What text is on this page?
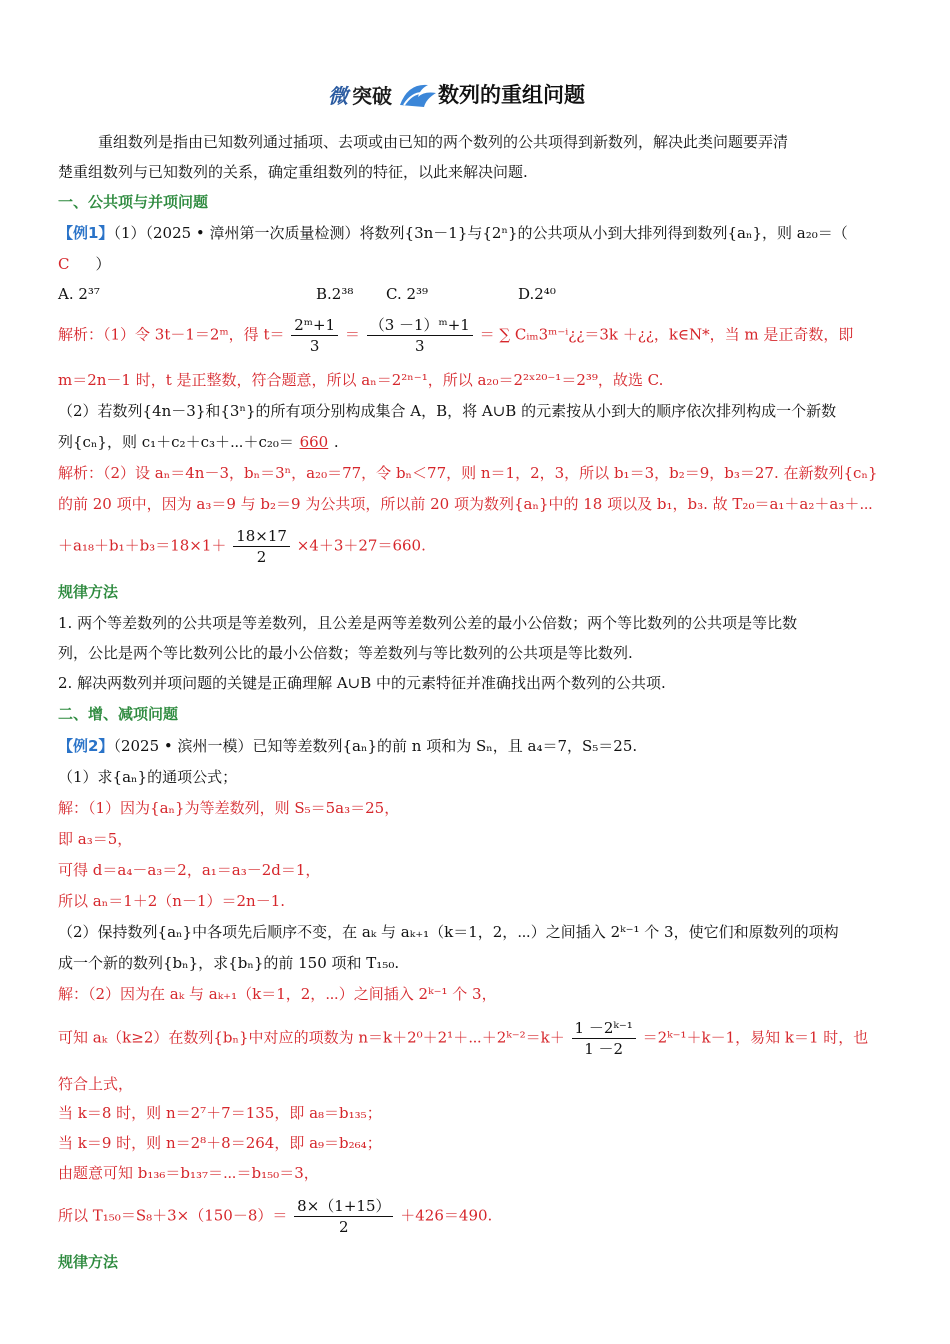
微 突破 数列的重组问题
重组数列是指由已知数列通过插项、去项或由已知的两个数列的公共项得到新数列，解决此类问题要弄清
楚重组数列与已知数列的关系，确定重组数列的特征，以此来解决问题.
一、公共项与并项问题
【例1】（1）（2025 • 漳州第一次质量检测）将数列{3n－1}与{2ⁿ}的公共项从小到大排列得到数列{aₙ}，则 a₂₀＝（
C ）
A. 2³⁷	B.2³⁸ C. 2³⁹	D.2⁴⁰
解析：（1）令 3t－1＝2ᵐ，得 $t= \frac{\text{2ᵐ+1}}{3} = \frac{\text{（3 －1）ᵐ+1}}{3}$ ＝ ∑ Cᵢₘ3ᵐ⁻ⁱ¿¿＝3k ＋¿¿，k∈N*，当 m 是正奇数，即
m＝2n－1 时，t 是正整数，符合题意，所以 aₙ＝2²ⁿ⁻¹，所以 a₂₀＝2²ˣ²⁰⁻¹＝2³⁹，故选 C.
（2）若数列{4n－3}和{3ⁿ}的所有项分别构成集合 A，B，将 A∪B 的元素按从小到大的顺序依次排列构成一个新数
列{cₙ}，则 c₁＋c₂＋c₃＋⋯＋c₂₀＝ 660 .
解析：（2）设 aₙ＝4n－3，bₙ＝3ⁿ，a₂₀＝77，令 bₙ＜77，则 n＝1，2，3，所以 b₁＝3，b₂＝9，b₃＝27. 在新数列{cₙ}
的前 20 项中，因为 a₃＝9 与 b₂＝9 为公共项，所以前 20 项为数列{aₙ}中的 18 项以及 b₁，b₃. 故 T₂₀＝a₁＋a₂＋a₃＋⋯
$+a_{18}+b_1+b_3=18\times 1+ \frac{18\times 17}{2} \times 4+3+27=660$.
规律方法
1. 两个等差数列的公共项是等差数列，且公差是两等差数列公差的最小公倍数；两个等比数列的公共项是等比数
列，公比是两个等比数列公比的最小公倍数；等差数列与等比数列的公共项是等比数列.
2. 解决两数列并项问题的关键是正确理解 A∪B 中的元素特征并准确找出两个数列的公共项.
二、增、减项问题
【例2】（2025 • 滨州一模）已知等差数列{aₙ}的前 n 项和为 Sₙ，且 a₄＝7，S₅＝25.
（1）求{aₙ}的通项公式；
解：（1）因为{aₙ}为等差数列，则 S₅＝5a₃＝25，
即 a₃＝5，
可得 d＝a₄－a₃＝2，a₁＝a₃－2d＝1，
所以 aₙ＝1＋2（n－1）＝2n－1.
（2）保持数列{aₙ}中各项先后顺序不变，在 aₖ 与 aₖ₊₁（k＝1，2，⋯）之间插入 2ᵏ⁻¹ 个 3，使它们和原数列的项构
成一个新的数列{bₙ}，求{bₙ}的前 150 项和 T₁₅₀.
解：（2）因为在 aₖ 与 aₖ₊₁（k＝1，2，⋯）之间插入 2ᵏ⁻¹ 个 3，
可知 aₖ（k≥2）在数列{bₙ}中对应的项数为 n＝k＋2⁰＋2¹＋⋯＋2ᵏ⁻²＝k＋ $\frac{\text{1 －2ᵏ⁻¹}}{1 -2}$ ＝2ᵏ⁻¹＋k－1，易知 k＝1 时，也
符合上式，
当 k＝8 时，则 n＝2⁷＋7＝135，即 a₈＝b₁₃₅；
当 k＝9 时，则 n＝2⁸＋8＝264，即 a₉＝b₂₆₄；
由题意可知 b₁₃₆＝b₁₃₇＝⋯＝b₁₅₀＝3，
所以 $T_{150}=S_8+3\times(150-8)= \frac{8\times(1+15)}{2} +426=490$.
规律方法
